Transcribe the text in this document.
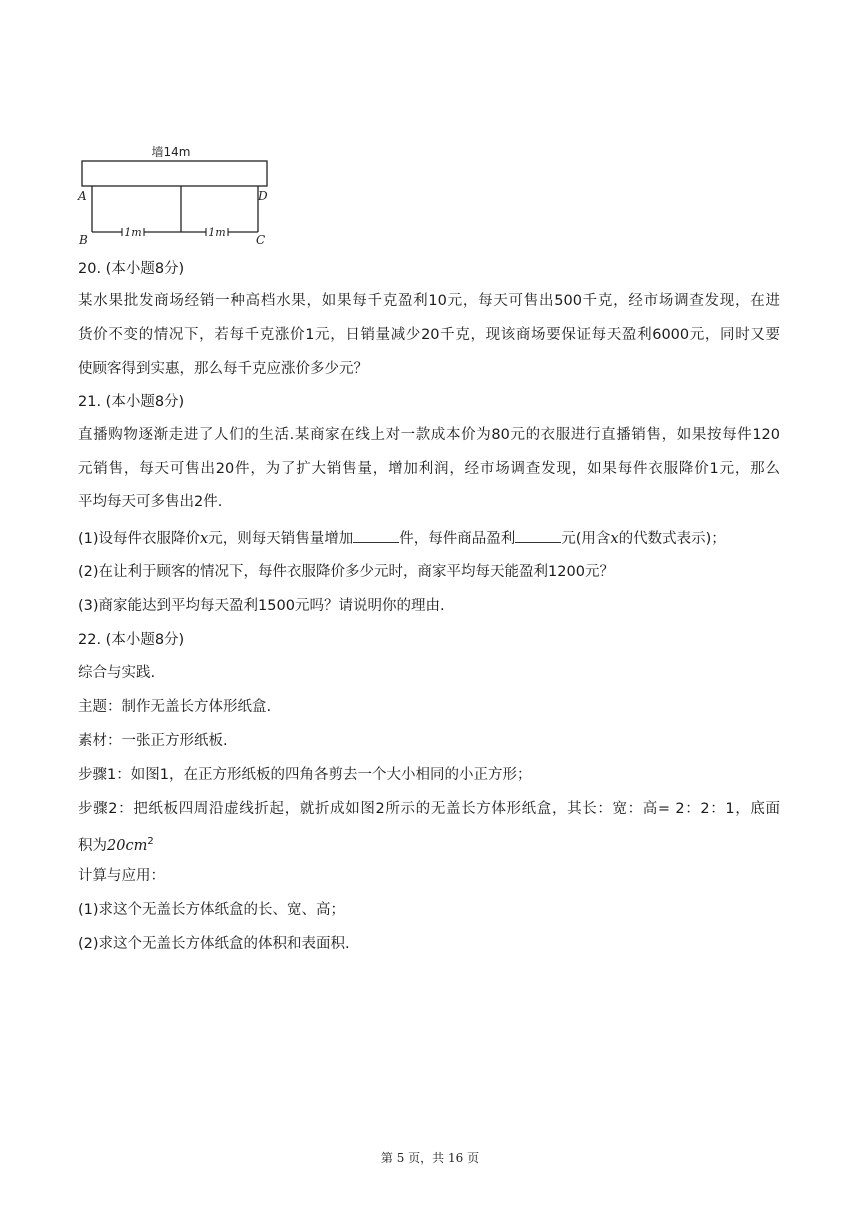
墙14m
1m	1m
A
B	C
D
20. (本小题8分)
某水果批发商场经销一种高档水果，如果每千克盈利10元，每天可售出500千克，经市场调查发现，在进
货价不变的情况下，若每千克涨价1元，日销量减少20千克，现该商场要保证每天盈利6000元，同时又要
使顾客得到实惠，那么每千克应涨价多少元？
21. (本小题8分)
直播购物逐渐走进了人们的生活.某商家在线上对一款成本价为80元的衣服进行直播销售，如果按每件120
元销售，每天可售出20件，为了扩大销售量，增加利润，经市场调查发现，如果每件衣服降价1元，那么
平均每天可多售出2件.
(1)设每件衣服降价x元，则每天销售量增加	件，每件商品盈利	元(用含x的代数式表示)；
(2)在让利于顾客的情况下，每件衣服降价多少元时，商家平均每天能盈利1200元？
(3)商家能达到平均每天盈利1500元吗？请说明你的理由.
22. (本小题8分)
综合与实践.
主题：制作无盖长方体形纸盒.
素材：一张正方形纸板.
步骤1：如图1，在正方形纸板的四角各剪去一个大小相同的小正方形；
步骤2：把纸板四周沿虚线折起，就折成如图2所示的无盖长方体形纸盒，其长：宽：高= 2：2：1，底面
积为$20cm^2$
计算与应用：
(1)求这个无盖长方体纸盒的长、宽、高；
(2)求这个无盖长方体纸盒的体积和表面积.
第 5 页，共 16 页
